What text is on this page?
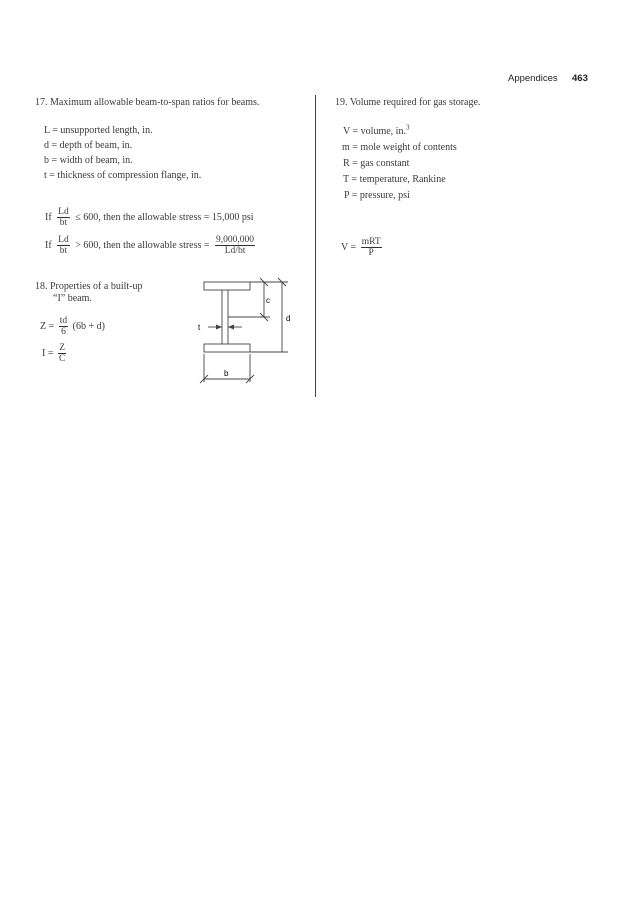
Appendices 463
17. Maximum allowable beam-to-span ratios for beams.
L = unsupported length, in.
d = depth of beam, in.
b = width of beam, in.
t = thickness of compression flange, in.
If $\frac{Ld}{bt} \le 600$, then the allowable stress = 15,000 psi
If $\frac{Ld}{bt} > 600$, then the allowable stress = $\frac{9,000,000}{Ld/bt}$
18. Properties of a built-up
“I” beam.
$Z = \frac{td}{6} (6b + d)$
$I = \frac{Z}{C}$
c
d
t
b
19. Volume required for gas storage.
V = volume, in.$^3$
m = mole weight of contents
R = gas constant
T = temperature, Rankine
P = pressure, psi
$V = \frac{\text{mRT}}{P}$
